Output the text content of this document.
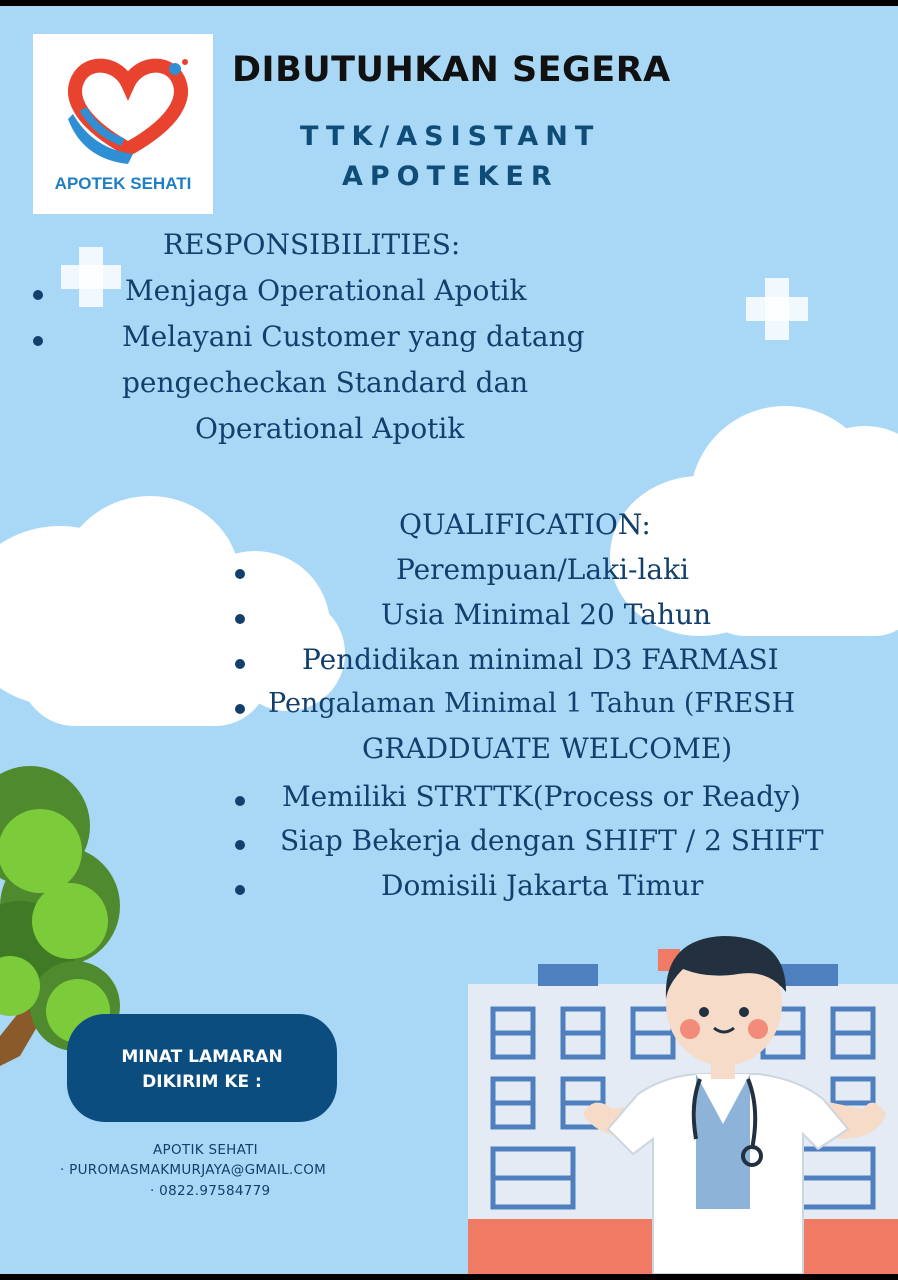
APOTEK SEHATI
DIBUTUHKAN SEGERA
TTK/ASISTANT
APOTEKER
RESPONSIBILITIES:
Menjaga Operational Apotik
Melayani Customer yang datang
pengecheckan Standard dan
Operational Apotik
QUALIFICATION:
Perempuan/Laki-laki
Usia Minimal 20 Tahun
Pendidikan minimal D3 FARMASI
Pengalaman Minimal 1 Tahun (FRESH
GRADDUATE WELCOME)
Memiliki STRTTK(Process or Ready)
Siap Bekerja dengan SHIFT / 2 SHIFT
Domisili Jakarta Timur
MINAT LAMARAN
DIKIRIM KE :
APOTIK SEHATI
· PUROMASMAKMURJAYA@GMAIL.COM
· 0822.97584779
